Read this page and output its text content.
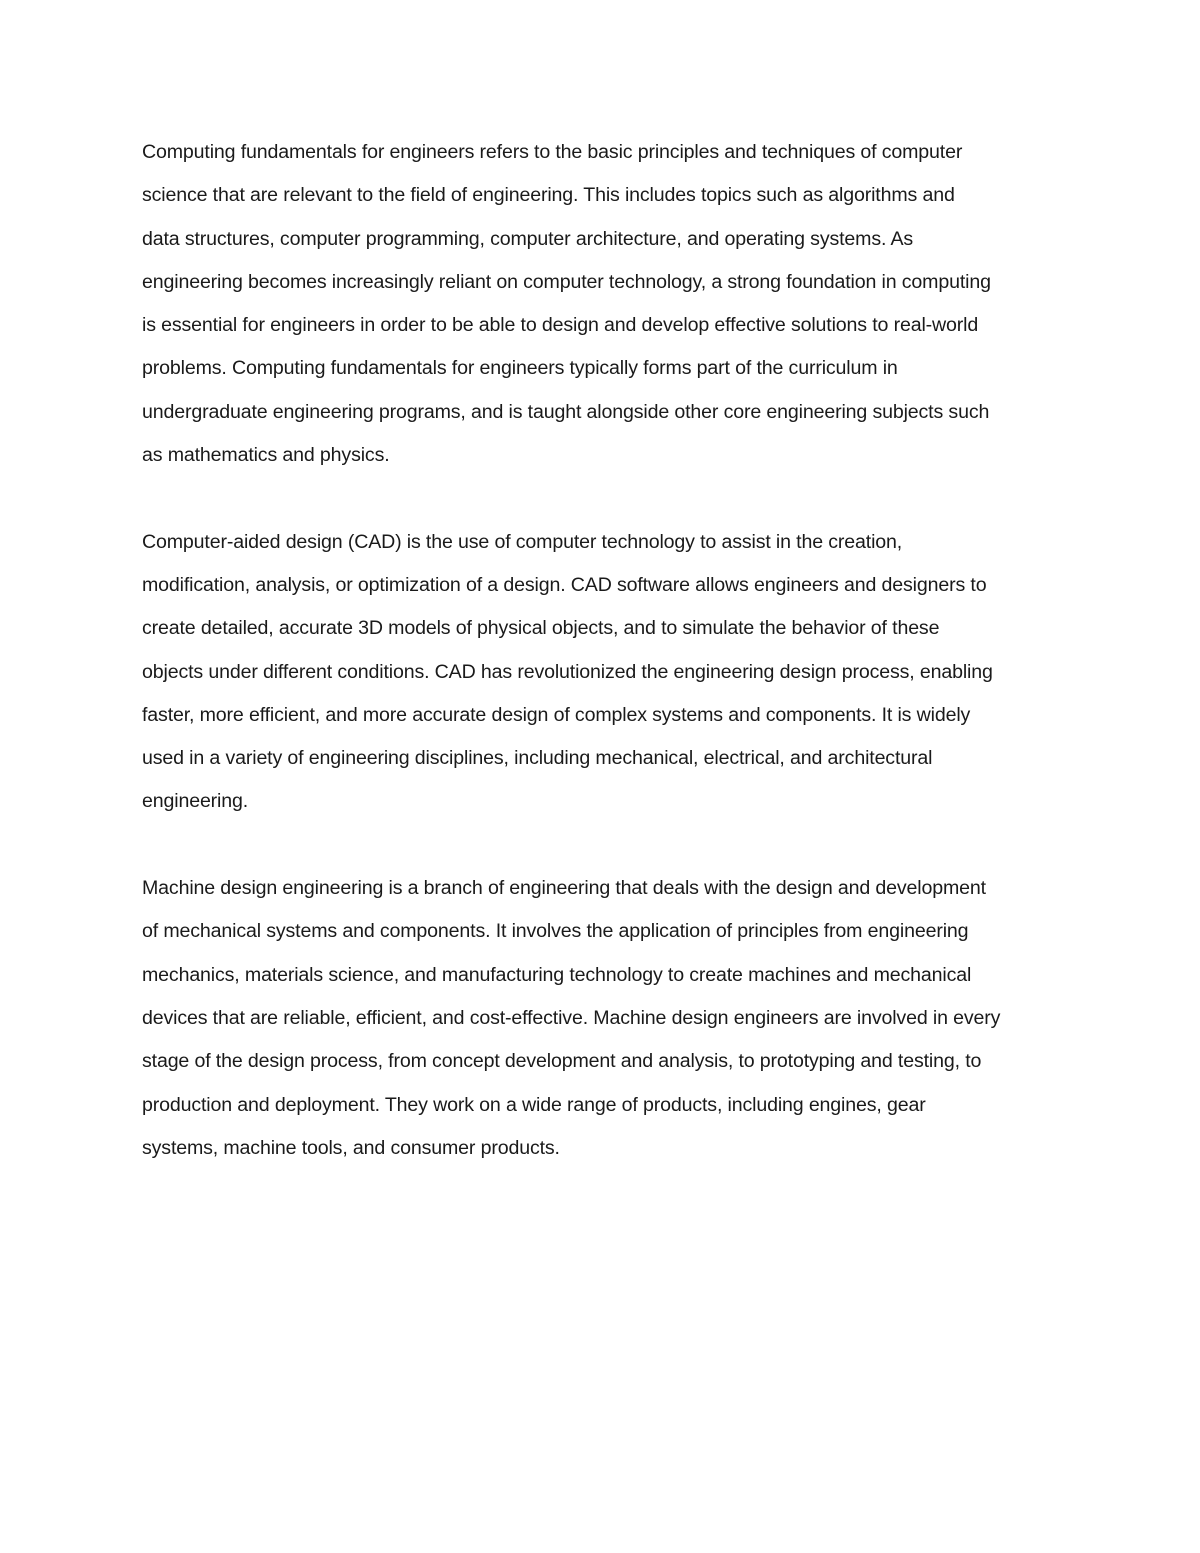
Computing fundamentals for engineers refers to the basic principles and techniques of computer
science that are relevant to the field of engineering. This includes topics such as algorithms and
data structures, computer programming, computer architecture, and operating systems. As
engineering becomes increasingly reliant on computer technology, a strong foundation in computing
is essential for engineers in order to be able to design and develop effective solutions to real-world
problems. Computing fundamentals for engineers typically forms part of the curriculum in
undergraduate engineering programs, and is taught alongside other core engineering subjects such
as mathematics and physics.

Computer-aided design (CAD) is the use of computer technology to assist in the creation,
modification, analysis, or optimization of a design. CAD software allows engineers and designers to
create detailed, accurate 3D models of physical objects, and to simulate the behavior of these
objects under different conditions. CAD has revolutionized the engineering design process, enabling
faster, more efficient, and more accurate design of complex systems and components. It is widely
used in a variety of engineering disciplines, including mechanical, electrical, and architectural
engineering.

Machine design engineering is a branch of engineering that deals with the design and development
of mechanical systems and components. It involves the application of principles from engineering
mechanics, materials science, and manufacturing technology to create machines and mechanical
devices that are reliable, efficient, and cost-effective. Machine design engineers are involved in every
stage of the design process, from concept development and analysis, to prototyping and testing, to
production and deployment. They work on a wide range of products, including engines, gear
systems, machine tools, and consumer products.
